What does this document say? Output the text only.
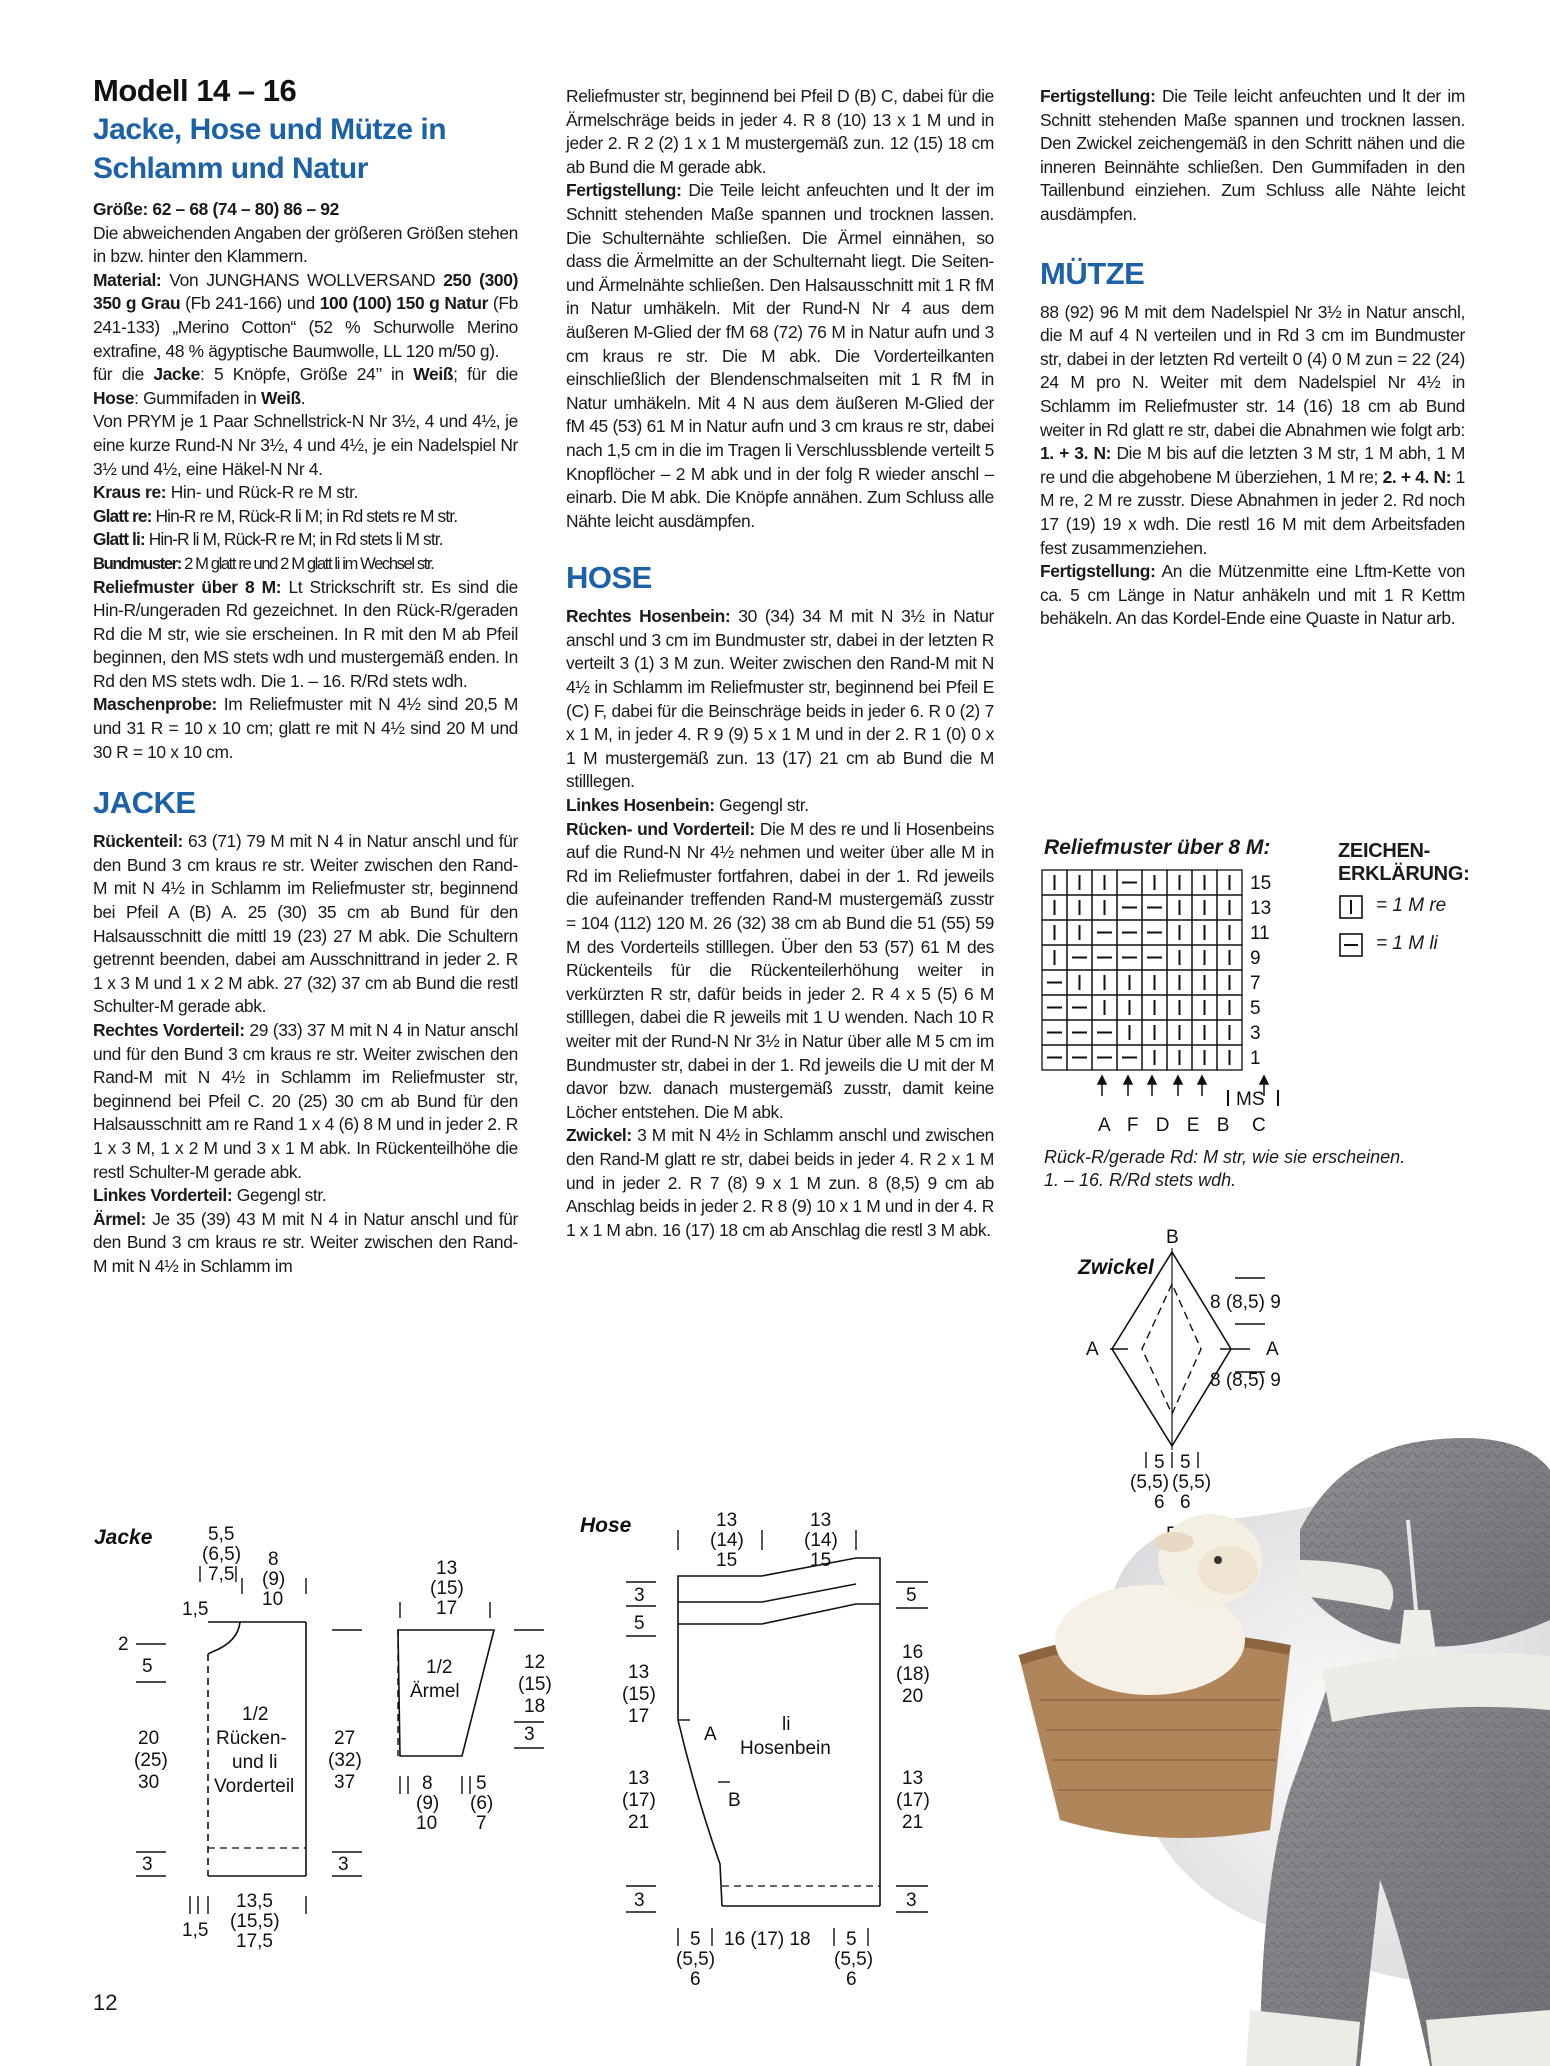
Modell 14 – 16
Jacke, Hose und Mütze in
Schlamm und Natur

Größe: 62 – 68 (74 – 80) 86 – 92

Die abweichenden Angaben der größeren Größen stehen in bzw. hinter den Klammern.

Material: Von JUNGHANS WOLLVERSAND 250 (300) 350 g Grau (Fb 241-166) und 100 (100) 150 g Natur (Fb 241-133) „Merino Cotton“ (52 % Schurwolle Merino extrafine, 48 % ägyptische Baumwolle, LL 120 m/50 g).

für die Jacke: 5 Knöpfe, Größe 24’’ in Weiß; für die Hose: Gummifaden in Weiß.

Von PRYM je 1 Paar Schnellstrick-N Nr 3½, 4 und 4½, je eine kurze Rund-N Nr 3½, 4 und 4½, je ein Nadelspiel Nr 3½ und 4½, eine Häkel-N Nr 4.

Kraus re: Hin- und Rück-R re M str.

Glatt re: Hin-R re M, Rück-R li M; in Rd stets re M str.

Glatt li: Hin-R li M, Rück-R re M; in Rd stets li M str.

Bundmuster: 2 M glatt re und 2 M glatt li im Wechsel str.

Reliefmuster über 8 M: Lt Strickschrift str. Es sind die Hin-R/ungeraden Rd gezeichnet. In den Rück-R/geraden Rd die M str, wie sie erscheinen. In R mit den M ab Pfeil beginnen, den MS stets wdh und mustergemäß enden. In Rd den MS stets wdh. Die 1. – 16. R/Rd stets wdh.

Maschenprobe: Im Reliefmuster mit N 4½ sind 20,5 M und 31 R = 10 x 10 cm; glatt re mit N 4½ sind 20 M und 30 R = 10 x 10 cm.

JACKE

Rückenteil: 63 (71) 79 M mit N 4 in Natur anschl und für den Bund 3 cm kraus re str. Weiter zwischen den Rand-M mit N 4½ in Schlamm im Reliefmuster str, beginnend bei Pfeil A (B) A. 25 (30) 35 cm ab Bund für den Halsausschnitt die mittl 19 (23) 27 M abk. Die Schultern getrennt beenden, dabei am Ausschnittrand in jeder 2. R 1 x 3 M und 1 x 2 M abk. 27 (32) 37 cm ab Bund die restl Schulter-M gerade abk.

Rechtes Vorderteil: 29 (33) 37 M mit N 4 in Natur anschl und für den Bund 3 cm kraus re str. Weiter zwischen den Rand-M mit N 4½ in Schlamm im Reliefmuster str, beginnend bei Pfeil C. 20 (25) 30 cm ab Bund für den Halsausschnitt am re Rand 1 x 4 (6) 8 M und in jeder 2. R 1 x 3 M, 1 x 2 M und 3 x 1 M abk. In Rückenteilhöhe die restl Schulter-M gerade abk.

Linkes Vorderteil: Gegengl str.

Ärmel: Je 35 (39) 43 M mit N 4 in Natur anschl und für den Bund 3 cm kraus re str. Weiter zwischen den Rand-M mit N 4½ in Schlamm im

Reliefmuster str, beginnend bei Pfeil D (B) C, dabei für die Ärmelschräge beids in jeder 4. R 8 (10) 13 x 1 M und in jeder 2. R 2 (2) 1 x 1 M mustergemäß zun. 12 (15) 18 cm ab Bund die M gerade abk.

Fertigstellung: Die Teile leicht anfeuchten und lt der im Schnitt stehenden Maße spannen und trocknen lassen. Die Schulternähte schließen. Die Ärmel einnähen, so dass die Ärmelmitte an der Schulternaht liegt. Die Seiten- und Ärmelnähte schließen. Den Halsausschnitt mit 1 R fM in Natur umhäkeln. Mit der Rund-N Nr 4 aus dem äußeren M-Glied der fM 68 (72) 76 M in Natur aufn und 3 cm kraus re str. Die M abk. Die Vorderteilkanten einschließlich der Blendenschmalseiten mit 1 R fM in Natur umhäkeln. Mit 4 N aus dem äußeren M-Glied der fM 45 (53) 61 M in Natur aufn und 3 cm kraus re str, dabei nach 1,5 cm in die im Tragen li Verschlussblende verteilt 5 Knopflöcher – 2 M abk und in der folg R wieder anschl – einarb. Die M abk. Die Knöpfe annähen. Zum Schluss alle Nähte leicht ausdämpfen.

HOSE

Rechtes Hosenbein: 30 (34) 34 M mit N 3½ in Natur anschl und 3 cm im Bundmuster str, dabei in der letzten R verteilt 3 (1) 3 M zun. Weiter zwischen den Rand-M mit N 4½ in Schlamm im Reliefmuster str, beginnend bei Pfeil E (C) F, dabei für die Beinschräge beids in jeder 6. R 0 (2) 7 x 1 M, in jeder 4. R 9 (9) 5 x 1 M und in der 2. R 1 (0) 0 x 1 M mustergemäß zun. 13 (17) 21 cm ab Bund die M stilllegen.

Linkes Hosenbein: Gegengl str.

Rücken- und Vorderteil: Die M des re und li Hosenbeins auf die Rund-N Nr 4½ nehmen und weiter über alle M in Rd im Reliefmuster fortfahren, dabei in der 1. Rd jeweils die aufeinander treffenden Rand-M mustergemäß zusstr = 104 (112) 120 M. 26 (32) 38 cm ab Bund die 51 (55) 59 M des Vorderteils stilllegen. Über den 53 (57) 61 M des Rückenteils für die Rückenteilerhöhung weiter in verkürzten R str, dafür beids in jeder 2. R 4 x 5 (5) 6 M stilllegen, dabei die R jeweils mit 1 U wenden. Nach 10 R weiter mit der Rund-N Nr 3½ in Natur über alle M 5 cm im Bundmuster str, dabei in der 1. Rd jeweils die U mit der M davor bzw. danach mustergemäß zusstr, damit keine Löcher entstehen. Die M abk.

Zwickel: 3 M mit N 4½ in Schlamm anschl und zwischen den Rand-M glatt re str, dabei beids in jeder 4. R 2 x 1 M und in jeder 2. R 7 (8) 9 x 1 M zun. 8 (8,5) 9 cm ab Anschlag beids in jeder 2. R 8 (9) 10 x 1 M und in der 4. R 1 x 1 M abn. 16 (17) 18 cm ab Anschlag die restl 3 M abk.

Fertigstellung: Die Teile leicht anfeuchten und lt der im Schnitt stehenden Maße spannen und trocknen lassen. Den Zwickel zeichengemäß in den Schritt nähen und die inneren Beinnähte schließen. Den Gummifaden in den Taillenbund einziehen. Zum Schluss alle Nähte leicht ausdämpfen.

MÜTZE

88 (92) 96 M mit dem Nadelspiel Nr 3½ in Natur anschl, die M auf 4 N verteilen und in Rd 3 cm im Bundmuster str, dabei in der letzten Rd verteilt 0 (4) 0 M zun = 22 (24) 24 M pro N. Weiter mit dem Nadelspiel Nr 4½ in Schlamm im Reliefmuster str. 14 (16) 18 cm ab Bund weiter in Rd glatt re str, dabei die Abnahmen wie folgt arb: 1. + 3. N: Die M bis auf die letzten 3 M str, 1 M abh, 1 M re und die abgehobene M überziehen, 1 M re; 2. + 4. N: 1 M re, 2 M re zusstr. Diese Abnahmen in jeder 2. Rd noch 17 (19) 19 x wdh. Die restl 16 M mit dem Arbeitsfaden fest zusammenziehen.

Fertigstellung: An die Mützenmitte eine Lftm-Kette von ca. 5 cm Länge in Natur anhäkeln und mit 1 R Kettm behäkeln. An das Kordel-Ende eine Quaste in Natur arb.

Reliefmuster über 8 M:
15
13
11
9
7
5
3
1
MS
A F D E B C
ZEICHEN-
ERKLÄRUNG:
= 1 M re
= 1 M li
Rück-R/gerade Rd: M str, wie sie erscheinen.
1. – 16. R/Rd stets wdh.
Zwickel
B
A	A
8 (8,5) 9
8 (8,5) 9
5
(5,5)
6
5
(5,5)
6
Jacke	5,5
(6,5)
7,5
8
(9)
10
1,5
1/2
Rücken-
und li
Vorderteil
2
5
20
(25)
30
3
27
(32)
37
3
13,5
(15,5)
17,5
1,5
13
(15)
17
1/2
Ärmel
12
(15)
18
3
8
(9)
10
5
(6)
7
Hose	13
(14)
15
13
(14)
15
A
B
li
Hosenbein
3
5
13
(15)
17
13
(17)
21
3
5
16
(18)
20
13
(17)
21
3
5
(5,5)
6
16 (17) 18 5
(5,5)
6
12
